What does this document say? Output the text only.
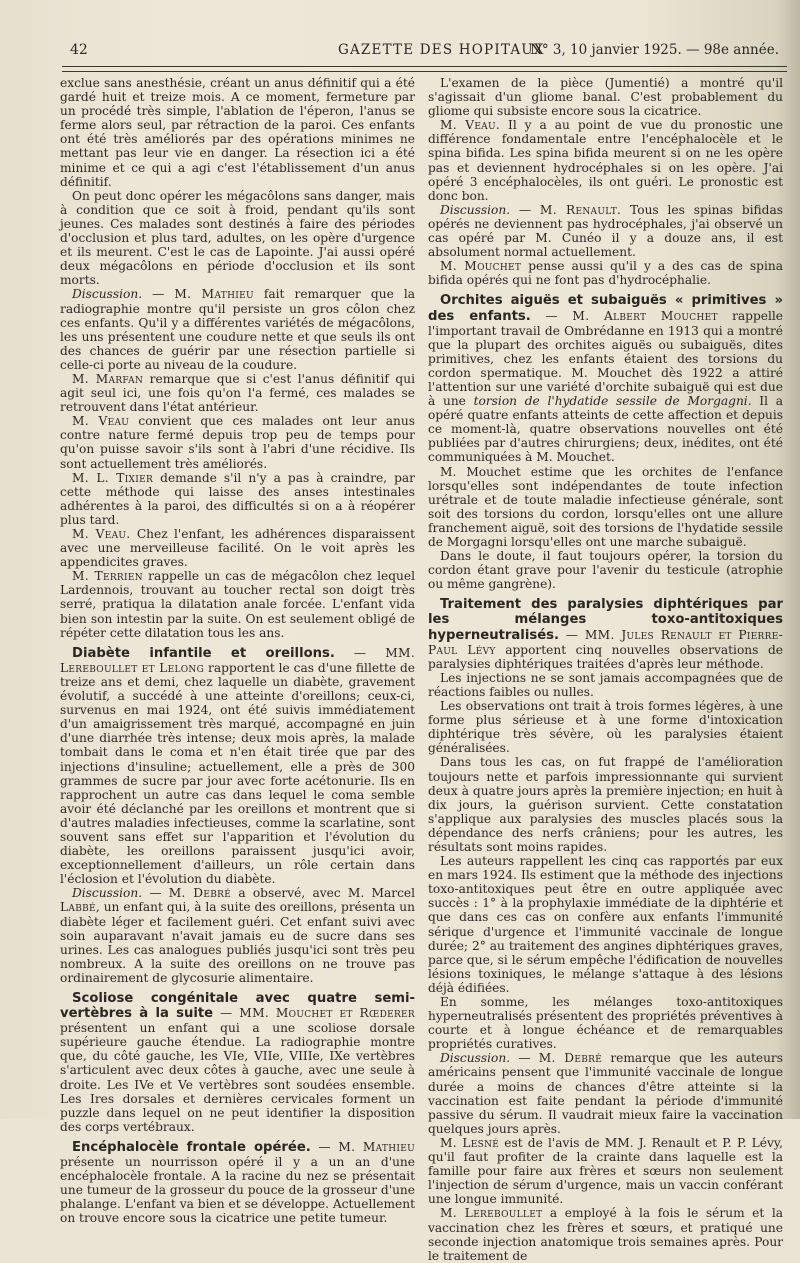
42	GAZETTE DES HOPITAUX
N° 3, 10 janvier 1925. — 98e année.

exclue sans anesthésie, créant un anus définitif qui a été gardé huit et treize mois. A ce moment, fermeture par un procédé très simple, l'ablation de l'éperon, l'anus se ferme alors seul, par rétraction de la paroi. Ces enfants ont été très améliorés par des opérations minimes ne mettant pas leur vie en danger. La résection ici a été minime et ce qui a agi c'est l'établissement d'un anus définitif.

On peut donc opérer les mégacôlons sans danger, mais à condition que ce soit à froid, pendant qu'ils sont jeunes. Ces malades sont destinés à faire des périodes d'occlusion et plus tard, adultes, on les opère d'urgence et ils meurent. C'est le cas de Lapointe. J'ai aussi opéré deux mégacôlons en période d'occlusion et ils sont morts.

Discussion. — M. Mathieu fait remarquer que la radiographie montre qu'il persiste un gros côlon chez ces enfants. Qu'il y a différentes variétés de mégacôlons, les uns présentent une coudure nette et que seuls ils ont des chances de guérir par une résection partielle si celle-ci porte au niveau de la coudure.

M. Marfan remarque que si c'est l'anus définitif qui agit seul ici, une fois qu'on l'a fermé, ces malades se retrouvent dans l'état antérieur.

M. Veau convient que ces malades ont leur anus contre nature fermé depuis trop peu de temps pour qu'on puisse savoir s'ils sont à l'abri d'une récidive. Ils sont actuellement très améliorés.

M. L. Tixier demande s'il n'y a pas à craindre, par cette méthode qui laisse des anses intestinales adhérentes à la paroi, des difficultés si on a à réopérer plus tard.

M. Veau. Chez l'enfant, les adhérences disparaissent avec une merveilleuse facilité. On le voit après les appendicites graves.

M. Terrien rappelle un cas de mégacôlon chez lequel Lardennois, trouvant au toucher rectal son doigt très serré, pratiqua la dilatation anale forcée. L'enfant vida bien son intestin par la suite. On est seulement obligé de répéter cette dilatation tous les ans.

Diabète infantile et oreillons. — MM. Lereboullet et Lelong rapportent le cas d'une fillette de treize ans et demi, chez laquelle un diabète, gravement évolutif, a succédé à une atteinte d'oreillons; ceux-ci, survenus en mai 1924, ont été suivis immédiatement d'un amaigrissement très marqué, accompagné en juin d'une diarrhée très intense; deux mois après, la malade tombait dans le coma et n'en était tirée que par des injections d'insuline; actuellement, elle a près de 300 grammes de sucre par jour avec forte acétonurie. Ils en rapprochent un autre cas dans lequel le coma semble avoir été déclanché par les oreillons et montrent que si d'autres maladies infectieuses, comme la scarlatine, sont souvent sans effet sur l'apparition et l'évolution du diabète, les oreillons paraissent jusqu'ici avoir, exceptionnellement d'ailleurs, un rôle certain dans l'éclosion et l'évolution du diabète.

Discussion. — M. Debré a observé, avec M. Marcel Labbé, un enfant qui, à la suite des oreillons, présenta un diabète léger et facilement guéri. Cet enfant suivi avec soin auparavant n'avait jamais eu de sucre dans ses urines. Les cas analogues publiés jusqu'ici sont très peu nombreux. A la suite des oreillons on ne trouve pas ordinairement de glycosurie alimentaire.

Scoliose congénitale avec quatre semi-vertèbres à la suite — MM. Mouchet et Rœderer présentent un enfant qui a une scoliose dorsale supérieure gauche étendue. La radiographie montre que, du côté gauche, les VIe, VIIe, VIIIe, IXe vertèbres s'articulent avec deux côtes à gauche, avec une seule à droite. Les IVe et Ve vertèbres sont soudées ensemble. Les Ires dorsales et dernières cervicales forment un puzzle dans lequel on ne peut identifier la disposition des corps vertébraux.

Encéphalocèle frontale opérée. — M. Mathieu présente un nourrisson opéré il y a un an d'une encéphalocèle frontale. A la racine du nez se présentait une tumeur de la grosseur du pouce de la grosseur d'une phalange. L'enfant va bien et se développe. Actuellement on trouve encore sous la cicatrice une petite tumeur.

L'examen de la pièce (Jumentié) a montré qu'il s'agissait d'un gliome banal. C'est probablement du gliome qui subsiste encore sous la cicatrice.

M. Veau. Il y a au point de vue du pronostic une différence fondamentale entre l'encéphalocèle et le spina bifida. Les spina bifida meurent si on ne les opère pas et deviennent hydrocéphales si on les opère. J'ai opéré 3 encéphalocèles, ils ont guéri. Le pronostic est donc bon.

Discussion. — M. Renault. Tous les spinas bifidas opérés ne deviennent pas hydrocéphales, j'ai observé un cas opéré par M. Cunéo il y a douze ans, il est absolument normal actuellement.

M. Mouchet pense aussi qu'il y a des cas de spina bifida opérés qui ne font pas d'hydrocéphalie.

Orchites aiguës et subaiguës « primitives » des enfants. — M. Albert Mouchet rappelle l'important travail de Ombrédanne en 1913 qui a montré que la plupart des orchites aiguës ou subaiguës, dites primitives, chez les enfants étaient des torsions du cordon spermatique. M. Mouchet dès 1922 a attiré l'attention sur une variété d'orchite subaiguë qui est due à une torsion de l'hydatide sessile de Morgagni. Il a opéré quatre enfants atteints de cette affection et depuis ce moment-là, quatre observations nouvelles ont été publiées par d'autres chirurgiens; deux, inédites, ont été communiquées à M. Mouchet.

M. Mouchet estime que les orchites de l'enfance lorsqu'elles sont indépendantes de toute infection urétrale et de toute maladie infectieuse générale, sont soit des torsions du cordon, lorsqu'elles ont une allure franchement aiguë, soit des torsions de l'hydatide sessile de Morgagni lorsqu'elles ont une marche subaiguë.

Dans le doute, il faut toujours opérer, la torsion du cordon étant grave pour l'avenir du testicule (atrophie ou même gangrène).

Traitement des paralysies diphtériques par les mélanges toxo-antitoxiques hyperneutralisés. — MM. Jules Renault et Pierre-Paul Lévy apportent cinq nouvelles observations de paralysies diphtériques traitées d'après leur méthode.

Les injections ne se sont jamais accompagnées que de réactions faibles ou nulles.

Les observations ont trait à trois formes légères, à une forme plus sérieuse et à une forme d'intoxication diphtérique très sévère, où les paralysies étaient généralisées.

Dans tous les cas, on fut frappé de l'amélioration toujours nette et parfois impressionnante qui survient deux à quatre jours après la première injection; en huit à dix jours, la guérison survient. Cette constatation s'applique aux paralysies des muscles placés sous la dépendance des nerfs crâniens; pour les autres, les résultats sont moins rapides.

Les auteurs rappellent les cinq cas rapportés par eux en mars 1924. Ils estiment que la méthode des injections toxo-antitoxiques peut être en outre appliquée avec succès : 1° à la prophylaxie immédiate de la diphtérie et que dans ces cas on confère aux enfants l'immunité sérique d'urgence et l'immunité vaccinale de longue durée; 2° au traitement des angines diphtériques graves, parce que, si le sérum empêche l'édification de nouvelles lésions toxiniques, le mélange s'attaque à des lésions déjà édifiées.

En somme, les mélanges toxo-antitoxiques hyperneutralisés présentent des propriétés préventives à courte et à longue échéance et de remarquables propriétés curatives.

Discussion. — M. Debré remarque que les auteurs américains pensent que l'immunité vaccinale de longue durée a moins de chances d'être atteinte si la vaccination est faite pendant la période d'immunité passive du sérum. Il vaudrait mieux faire la vaccination quelques jours après.

M. Lesné est de l'avis de MM. J. Renault et P. P. Lévy, qu'il faut profiter de la crainte dans laquelle est la famille pour faire aux frères et sœurs non seulement l'injection de sérum d'urgence, mais un vaccin conférant une longue immunité.

M. Lereboullet a employé à la fois le sérum et la vaccination chez les frères et sœurs, et pratiqué une seconde injection anatomique trois semaines après. Pour le traitement de
